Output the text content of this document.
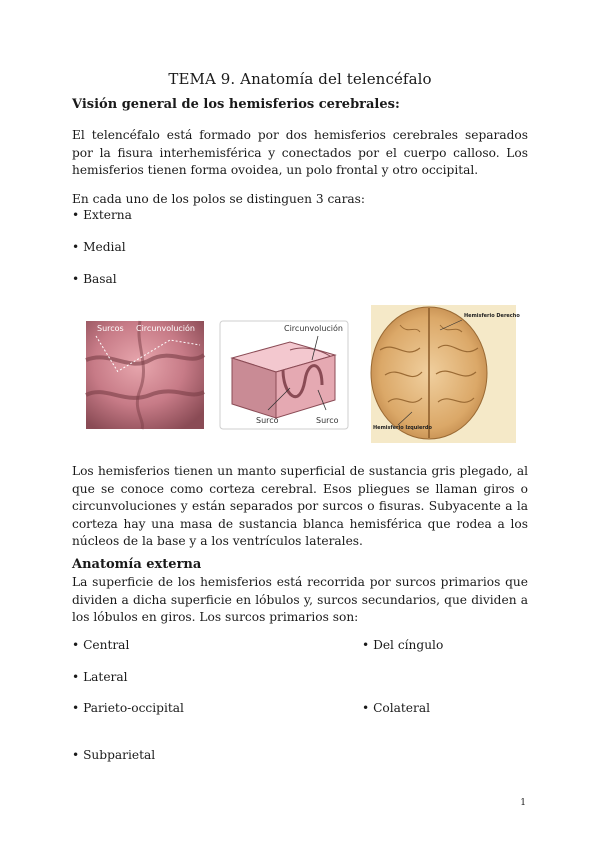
TEMA 9. Anatomía del telencéfalo
Visión general de los hemisferios cerebrales:
El telencéfalo está formado por dos hemisferios cerebrales separados por la fisura interhemisférica y conectados por el cuerpo calloso. Los hemisferios tienen forma ovoidea, un polo frontal y otro occipital.
En cada uno de los polos se distinguen 3 caras:
• Externa
• Medial
• Basal
Surcos Circunvolución	Circunvolución
Surco	Surco
Hemisferio Derecho
Hemisferio Izquierdo
Los hemisferios tienen un manto superficial de sustancia gris plegado, al que se conoce como corteza cerebral. Esos pliegues se llaman giros o circunvoluciones y están separados por surcos o fisuras. Subyacente a la corteza hay una masa de sustancia blanca hemisférica que rodea a los núcleos de la base y a los ventrículos laterales.
Anatomía externa
La superficie de los hemisferios está recorrida por surcos primarios que dividen a dicha superficie en lóbulos y, surcos secundarios, que dividen a los lóbulos en giros. Los surcos primarios son:
• Central
• Lateral
• Parieto-occipital
• Subparietal
• Del cíngulo
• Colateral
1
